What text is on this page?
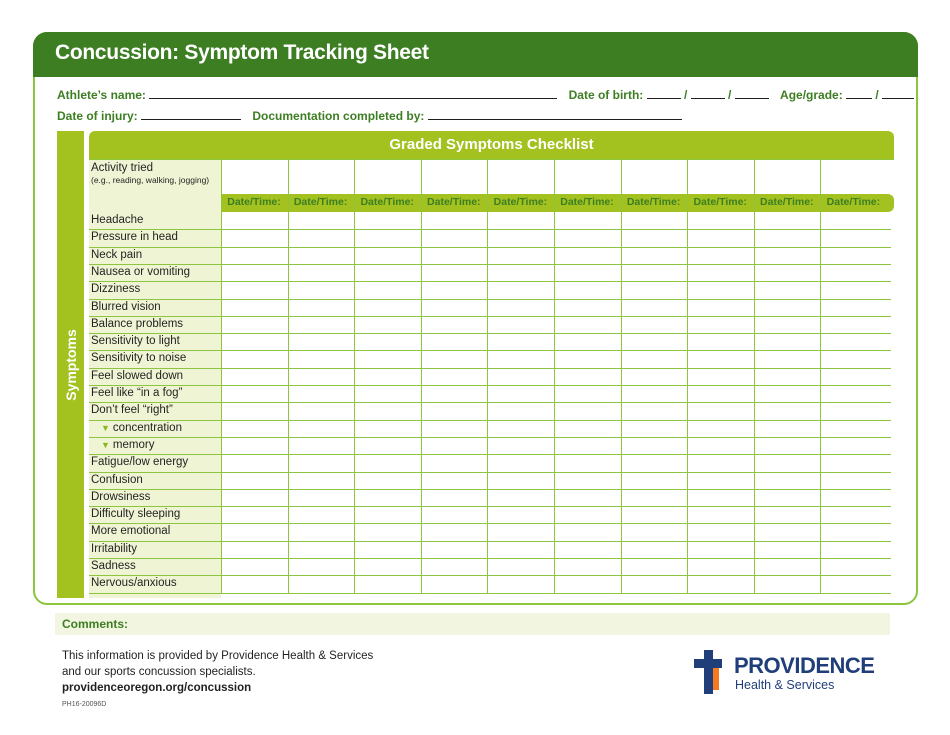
Concussion: Symptom Tracking Sheet
Athlete’s name:	Date of birth:	/	/	Age/grade:	/
Date of injury:	Documentation completed by:
Symptoms
Graded Symptoms Checklist
Activity tried
(e.g., reading, walking, jogging)
Date/Time:	Date/Time:	Date/Time:	Date/Time:	Date/Time:	Date/Time:	Date/Time:	Date/Time:	Date/Time:	Date/Time:
Headache
Pressure in head
Neck pain
Nausea or vomiting
Dizziness
Blurred vision
Balance problems
Sensitivity to light
Sensitivity to noise
Feel slowed down
Feel like “in a fog”
Don’t feel “right”
▼ concentration
▼ memory
Fatigue/low energy
Confusion
Drowsiness
Difficulty sleeping
More emotional
Irritability
Sadness
Nervous/anxious
Comments:
This information is provided by Providence Health & Services
and our sports concussion specialists.
providenceoregon.org/concussion
PH16-20096D
PROVIDENCE
Health & Services
